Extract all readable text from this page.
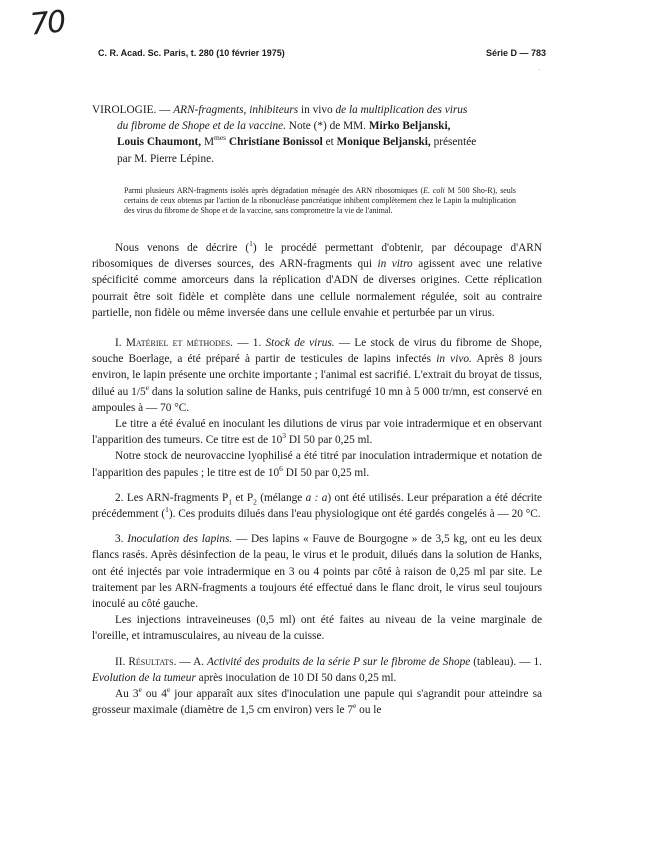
70
C. R. Acad. Sc. Paris, t. 280 (10 février 1975)	Série D — 783
·

VIROLOGIE. — ARN-fragments, inhibiteurs in vivo de la multiplication des virus

du fibrome de Shope et de la vaccine. Note (*) de MM. Mirko Beljanski,

Louis Chaumont, $M^{mes}$ Christiane Bonissol et Monique Beljanski, présentée

par M. Pierre Lépine.

Parmi plusieurs ARN-fragments isolés après dégradation ménagée des ARN ribosomiques (E. coli M 500 Sho-R), seuls certains de ceux obtenus par l'action de la ribonucléase pancréatique inhibent complètement chez le Lapin la multiplication des virus du fibrome de Shope et de la vaccine, sans compromettre la vie de l'animal.

Nous venons de décrire ($^1$) le procédé permettant d'obtenir, par découpage d'ARN ribosomiques de diverses sources, des ARN-fragments qui in vitro agissent avec une relative spécificité comme amorceurs dans la réplication d'ADN de diverses origines. Cette réplication pourrait être soit fidèle et complète dans une cellule normalement régulée, soit au contraire partielle, non fidèle ou même inversée dans une cellule envahie et perturbée par un virus.

I. Matériel et méthodes. — 1. Stock de virus. — Le stock de virus du fibrome de Shope, souche Boerlage, a été préparé à partir de testicules de lapins infectés in vivo. Après 8 jours environ, le lapin présente une orchite importante ; l'animal est sacrifié. L'extrait du broyat de tissus, dilué au 1/5e dans la solution saline de Hanks, puis centrifugé 10 mn à 5 000 tr/mn, est conservé en ampoules à — 70 °C.

Le titre a été évalué en inoculant les dilutions de virus par voie intradermique et en observant l'apparition des tumeurs. Ce titre est de $10^3$ DI 50 par 0,25 ml.

Notre stock de neurovaccine lyophilisé a été titré par inoculation intradermique et notation de l'apparition des papules ; le titre est de $10^6$ DI 50 par 0,25 ml.

2. Les ARN-fragments $P_1$ et $P_2$ (mélange a : a) ont été utilisés. Leur préparation a été décrite précédemment ($^1$). Ces produits dilués dans l'eau physiologique ont été gardés congelés à — 20 °C.

3. Inoculation des lapins. — Des lapins « Fauve de Bourgogne » de 3,5 kg, ont eu les deux flancs rasés. Après désinfection de la peau, le virus et le produit, dilués dans la solution de Hanks, ont été injectés par voie intradermique en 3 ou 4 points par côté à raison de 0,25 ml par site. Le traitement par les ARN-fragments a toujours été effectué dans le flanc droit, le virus seul toujours inoculé au côté gauche.

Les injections intraveineuses (0,5 ml) ont été faites au niveau de la veine marginale de l'oreille, et intramusculaires, au niveau de la cuisse.

II. Résultats. — A. Activité des produits de la série P sur le fibrome de Shope (tableau). — 1. Evolution de la tumeur après inoculation de 10 DI 50 dans 0,25 ml.

Au 3e ou 4e jour apparaît aux sites d'inoculation une papule qui s'agrandit pour atteindre sa grosseur maximale (diamètre de 1,5 cm environ) vers le 7e ou le
